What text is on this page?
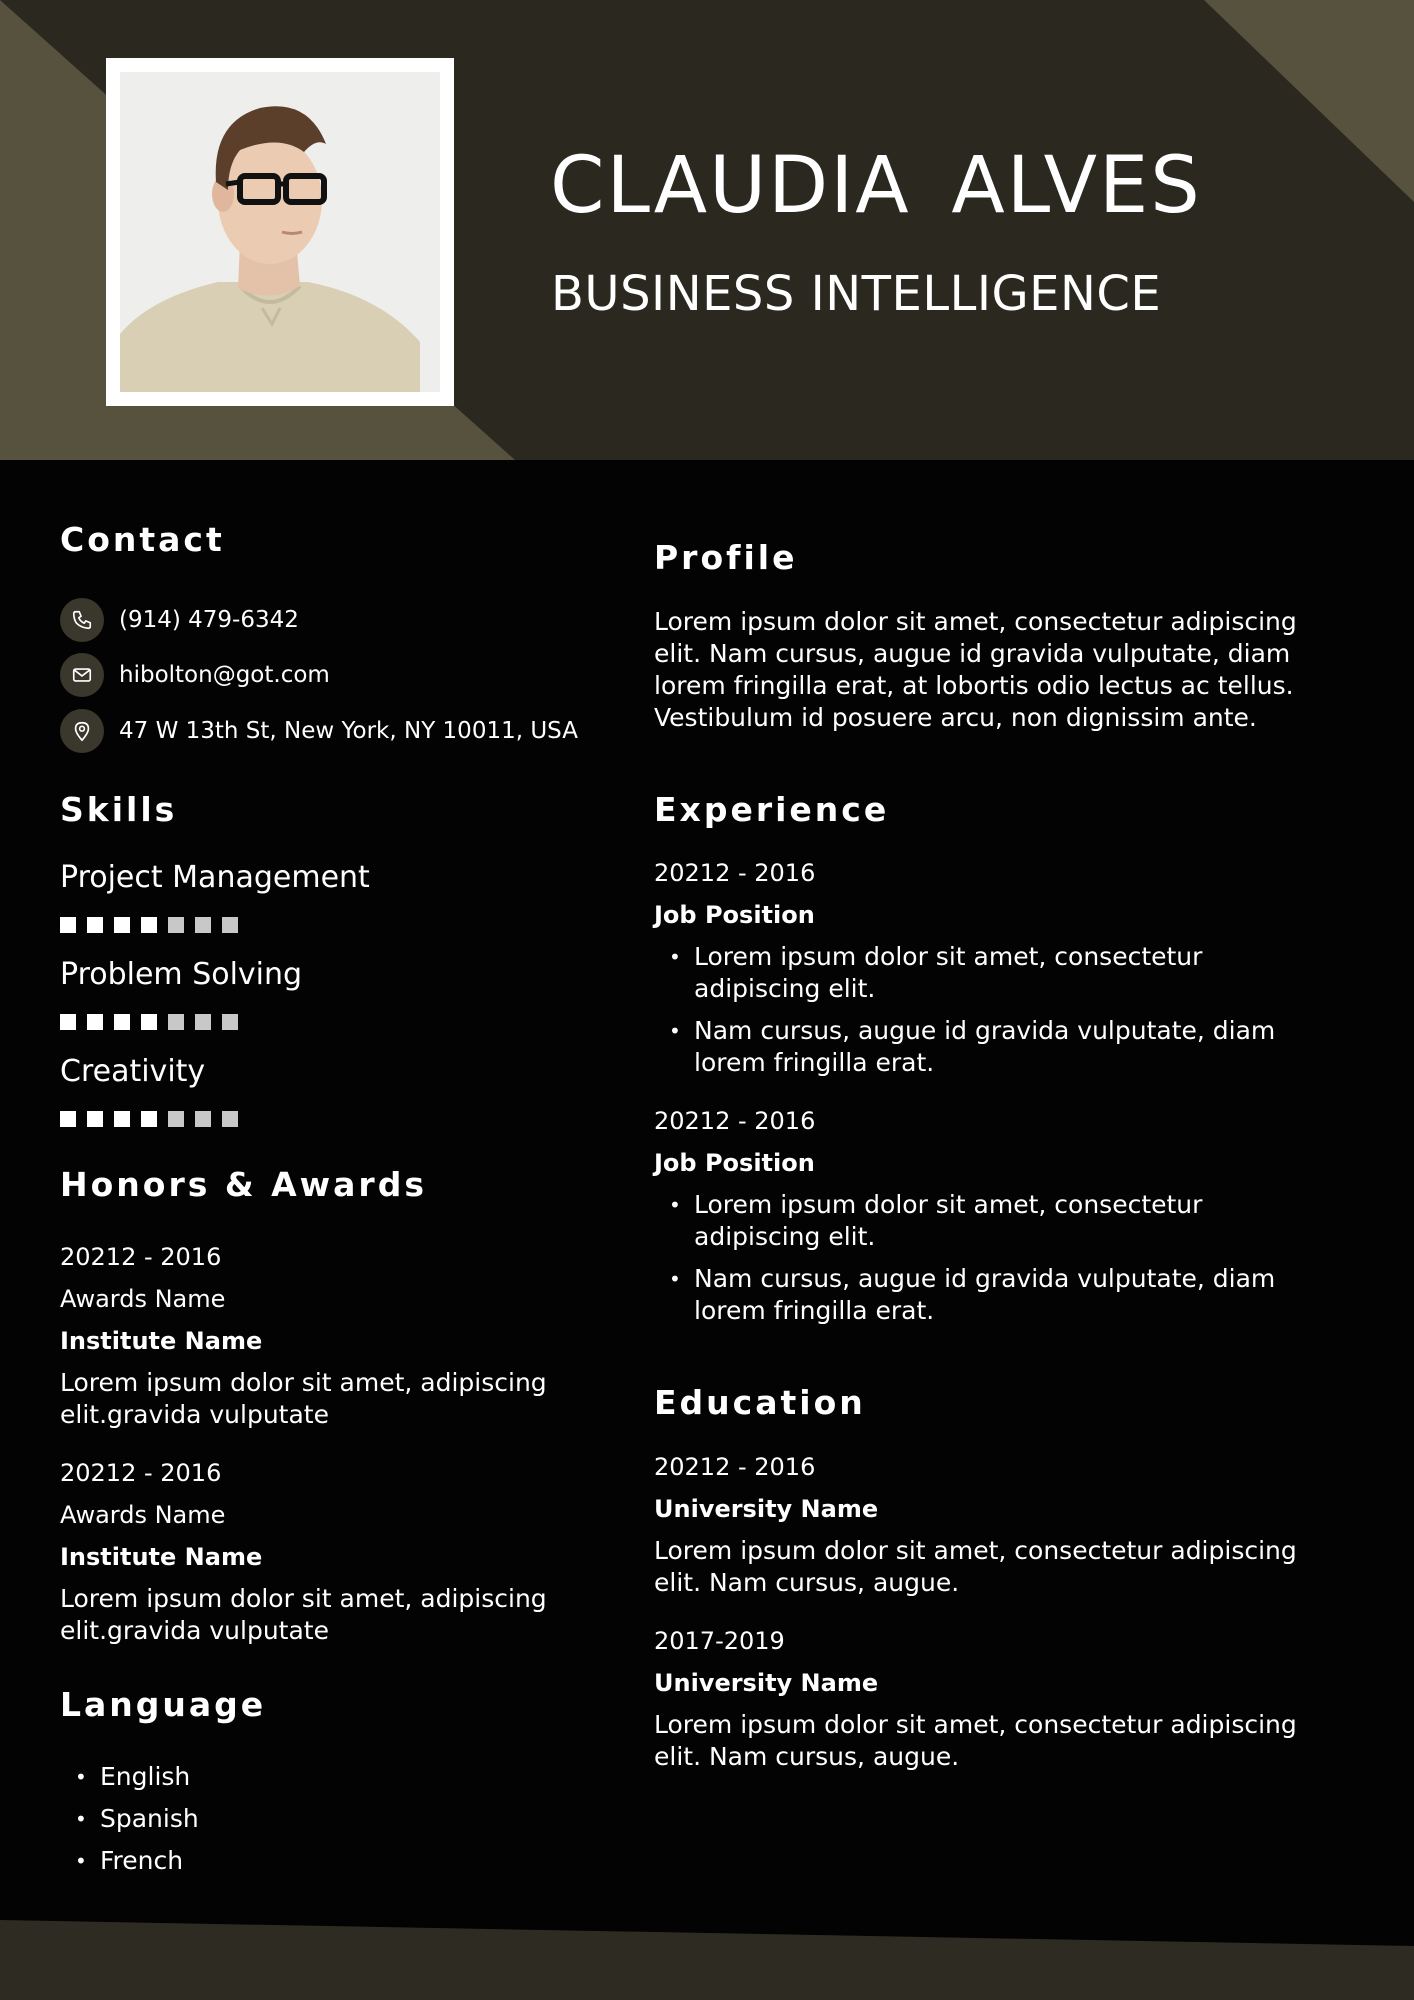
CLAUDIA ALVES
BUSINESS INTELLIGENCE
Contact
(914) 479-6342
hibolton@got.com
47 W 13th St, New York, NY 10011, USA
Skills

Project Management

Problem Solving

Creativity

Honors & Awards

20212 - 2016

Awards Name

Institute Name

Lorem ipsum dolor sit amet, adipiscing elit.gravida vulputate

20212 - 2016

Awards Name

Institute Name

Lorem ipsum dolor sit amet, adipiscing elit.gravida vulputate

Language
• English
• Spanish
• French
Profile

Lorem ipsum dolor sit amet, consectetur adipiscing elit. Nam cursus, augue id gravida vulputate, diam lorem fringilla erat, at lobortis odio lectus ac tellus. Vestibulum id posuere arcu, non dignissim ante.

Experience

20212 - 2016

Job Position

• Lorem ipsum dolor sit amet, consectetur adipiscing elit.
• Nam cursus, augue id gravida vulputate, diam lorem fringilla erat.

20212 - 2016

Job Position

• Lorem ipsum dolor sit amet, consectetur adipiscing elit.
• Nam cursus, augue id gravida vulputate, diam lorem fringilla erat.
Education

20212 - 2016

University Name

Lorem ipsum dolor sit amet, consectetur adipiscing elit. Nam cursus, augue.

2017-2019

University Name

Lorem ipsum dolor sit amet, consectetur adipiscing elit. Nam cursus, augue.
